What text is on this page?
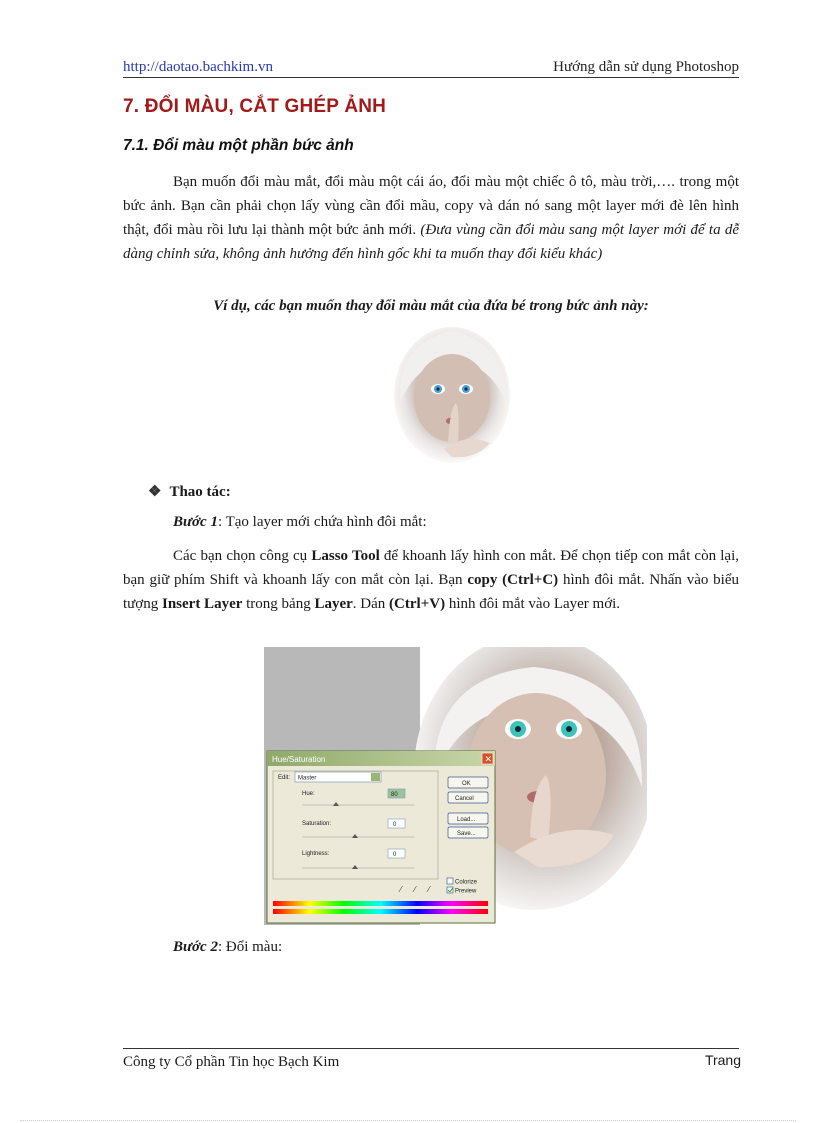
http://daotao.bachkim.vn	Hướng dẫn sử dụng Photoshop
7. ĐỔI MÀU, CẮT GHÉP ẢNH
7.1. Đổi màu một phần bức ảnh
Bạn muốn đổi màu mắt, đổi màu một cái áo, đổi màu một chiếc ô tô, màu trời,…. trong một bức ảnh. Bạn cần phải chọn lấy vùng cần đổi mầu, copy và dán nó sang một layer mới đè lên hình thật, đổi màu rồi lưu lại thành một bức ảnh mới. (Đưa vùng cần đổi màu sang một layer mới để ta dễ dàng chỉnh sửa, không ảnh hưởng đến hình gốc khi ta muốn thay đổi kiểu khác)
Ví dụ, các bạn muốn thay đổi màu mắt của đứa bé trong bức ảnh này:
❖ Thao tác:
Bước 1: Tạo layer mới chứa hình đôi mắt:
Các bạn chọn công cụ Lasso Tool để khoanh lấy hình con mắt. Để chọn tiếp con mắt còn lại, bạn giữ phím Shift và khoanh lấy con mắt còn lại. Bạn copy (Ctrl+C) hình đôi mắt. Nhấn vào biểu tượng Insert Layer trong bảng Layer. Dán (Ctrl+V) hình đôi mắt vào Layer mới.
Hue/Saturation	✕
Edit: Master
Hue:	80
Saturation:	0
Lightness:	0
OK
Cancel
Load...
Save...
⁄ ⁄ ⁄
Colorize
Preview
Bước 2: Đổi màu:
Công ty Cổ phần Tin học Bạch Kim	Trang
